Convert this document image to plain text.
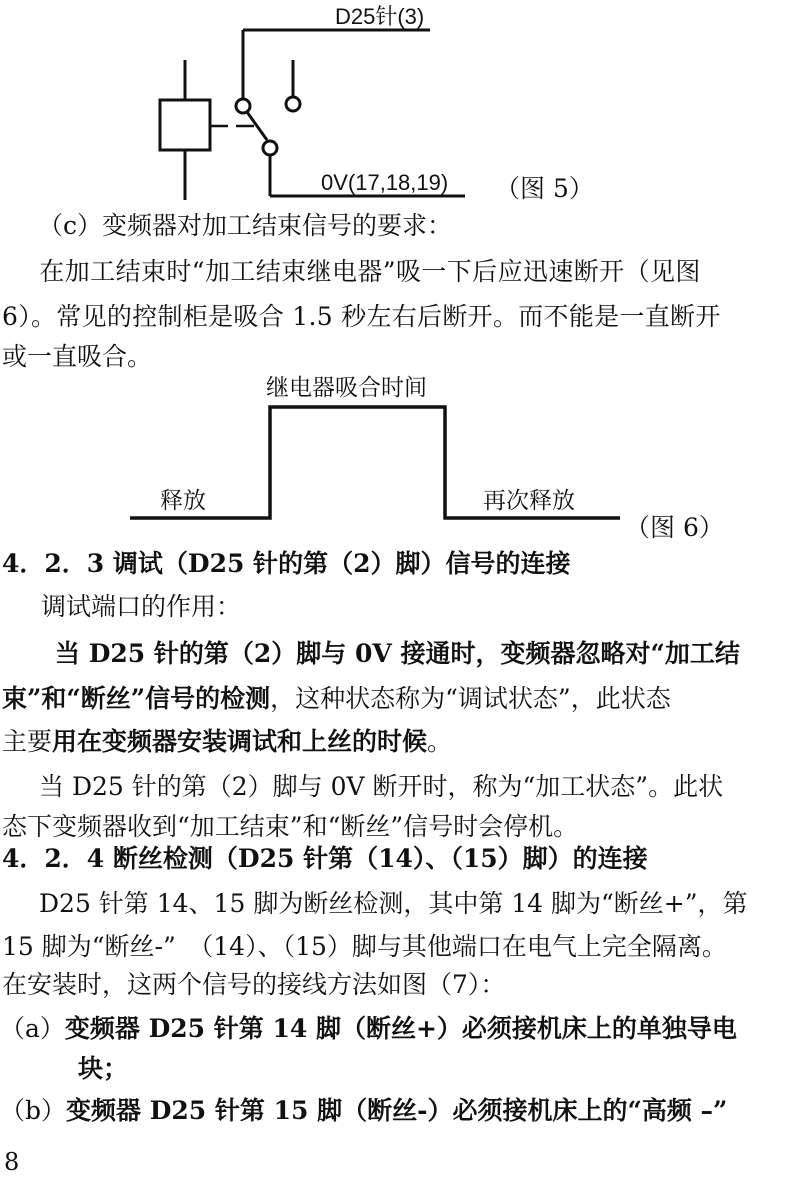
D25针(3)
0V(17,18,19) （图 5）
（c）变频器对加工结束信号的要求：
　在加工结束时“加工结束继电器”吸一下后应迅速断开（见图
6）。常见的控制柜是吸合 1.5 秒左右后断开。而不能是一直断开
或一直吸合。
继电器吸合时间
释放	再次释放
（图 6）
4．2．3 调试（D25 针的第（2）脚）信号的连接
　调试端口的作用：
　当 D25 针的第（2）脚与 0V 接通时，变频器忽略对“加工结
束”和“断丝”信号的检测，这种状态称为“调试状态”，此状态
主要用在变频器安装调试和上丝的时候。
　当 D25 针的第（2）脚与 0V 断开时，称为“加工状态”。此状
态下变频器收到“加工结束”和“断丝”信号时会停机。
4．2．4 断丝检测（D25 针第（14）、（15）脚）的连接
　D25 针第 14、15 脚为断丝检测，其中第 14 脚为“断丝+”，第
15 脚为“断丝-”　（14）、（15）脚与其他端口在电气上完全隔离。
在安装时，这两个信号的接线方法如图（7）：
（a）变频器 D25 针第 14 脚（断丝+）必须接机床上的单独导电
块；
（b）变频器 D25 针第 15 脚（断丝-）必须接机床上的“高频 –”
8
